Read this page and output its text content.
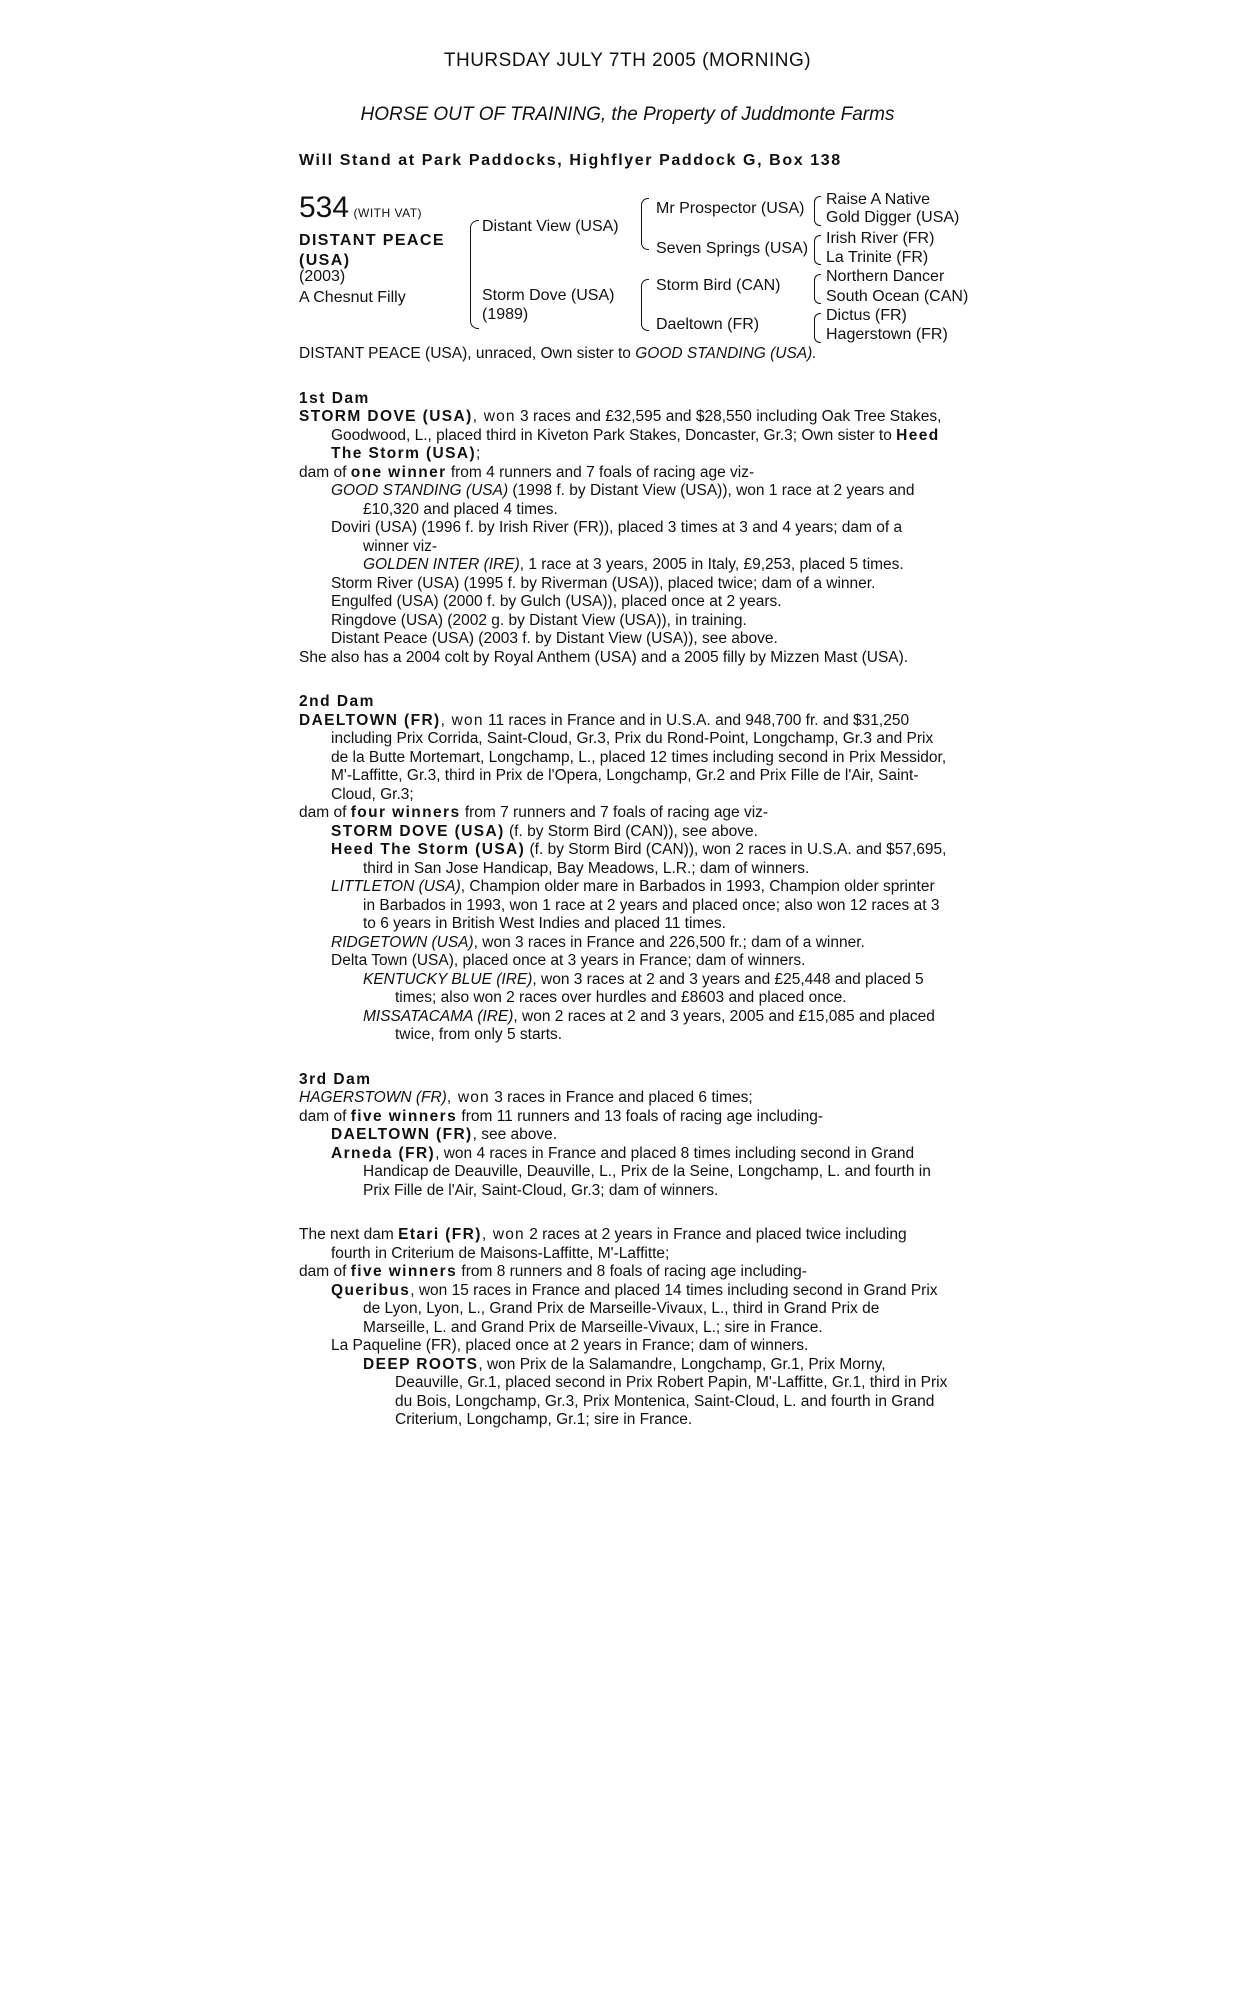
THURSDAY JULY 7TH 2005 (MORNING)
HORSE OUT OF TRAINING, the Property of Juddmonte Farms
Will Stand at Park Paddocks, Highflyer Paddock G, Box 138
534 (WITH VAT)
DISTANT PEACE
(USA)
(2003)
A Chesnut Filly
Distant View (USA)
Storm Dove (USA)
(1989)
Mr Prospector (USA)
Seven Springs (USA)
Storm Bird (CAN)
Daeltown (FR)
Raise A Native
Gold Digger (USA)
Irish River (FR)
La Trinite (FR)
Northern Dancer
South Ocean (CAN)
Dictus (FR)
Hagerstown (FR)

DISTANT PEACE (USA), unraced, Own sister to GOOD STANDING (USA).

1st Dam

STORM DOVE (USA), won 3 races and £32,595 and $28,550 including Oak Tree Stakes, Goodwood, L., placed third in Kiveton Park Stakes, Doncaster, Gr.3; Own sister to Heed The Storm (USA);

dam of one winner from 4 runners and 7 foals of racing age viz-

GOOD STANDING (USA) (1998 f. by Distant View (USA)), won 1 race at 2 years and £10,320 and placed 4 times.

Doviri (USA) (1996 f. by Irish River (FR)), placed 3 times at 3 and 4 years; dam of a winner viz-

GOLDEN INTER (IRE), 1 race at 3 years, 2005 in Italy, £9,253, placed 5 times.

Storm River (USA) (1995 f. by Riverman (USA)), placed twice; dam of a winner.

Engulfed (USA) (2000 f. by Gulch (USA)), placed once at 2 years.

Ringdove (USA) (2002 g. by Distant View (USA)), in training.

Distant Peace (USA) (2003 f. by Distant View (USA)), see above.

She also has a 2004 colt by Royal Anthem (USA) and a 2005 filly by Mizzen Mast (USA).

2nd Dam

DAELTOWN (FR), won 11 races in France and in U.S.A. and 948,700 fr. and $31,250 including Prix Corrida, Saint-Cloud, Gr.3, Prix du Rond-Point, Longchamp, Gr.3 and Prix de la Butte Mortemart, Longchamp, L., placed 12 times including second in Prix Messidor, M'-Laffitte, Gr.3, third in Prix de l'Opera, Longchamp, Gr.2 and Prix Fille de l'Air, Saint-Cloud, Gr.3;

dam of four winners from 7 runners and 7 foals of racing age viz-

STORM DOVE (USA) (f. by Storm Bird (CAN)), see above.

Heed The Storm (USA) (f. by Storm Bird (CAN)), won 2 races in U.S.A. and $57,695, third in San Jose Handicap, Bay Meadows, L.R.; dam of winners.

LITTLETON (USA), Champion older mare in Barbados in 1993, Champion older sprinter in Barbados in 1993, won 1 race at 2 years and placed once; also won 12 races at 3 to 6 years in British West Indies and placed 11 times.

RIDGETOWN (USA), won 3 races in France and 226,500 fr.; dam of a winner.

Delta Town (USA), placed once at 3 years in France; dam of winners.

KENTUCKY BLUE (IRE), won 3 races at 2 and 3 years and £25,448 and placed 5 times; also won 2 races over hurdles and £8603 and placed once.

MISSATACAMA (IRE), won 2 races at 2 and 3 years, 2005 and £15,085 and placed twice, from only 5 starts.

3rd Dam

HAGERSTOWN (FR), won 3 races in France and placed 6 times;

dam of five winners from 11 runners and 13 foals of racing age including-

DAELTOWN (FR), see above.

Arneda (FR), won 4 races in France and placed 8 times including second in Grand Handicap de Deauville, Deauville, L., Prix de la Seine, Longchamp, L. and fourth in Prix Fille de l'Air, Saint-Cloud, Gr.3; dam of winners.

The next dam Etari (FR), won 2 races at 2 years in France and placed twice including fourth in Criterium de Maisons-Laffitte, M'-Laffitte;

dam of five winners from 8 runners and 8 foals of racing age including-

Queribus, won 15 races in France and placed 14 times including second in Grand Prix de Lyon, Lyon, L., Grand Prix de Marseille-Vivaux, L., third in Grand Prix de Marseille, L. and Grand Prix de Marseille-Vivaux, L.; sire in France.

La Paqueline (FR), placed once at 2 years in France; dam of winners.

DEEP ROOTS, won Prix de la Salamandre, Longchamp, Gr.1, Prix Morny, Deauville, Gr.1, placed second in Prix Robert Papin, M'-Laffitte, Gr.1, third in Prix du Bois, Longchamp, Gr.3, Prix Montenica, Saint-Cloud, L. and fourth in Grand Criterium, Longchamp, Gr.1; sire in France.
